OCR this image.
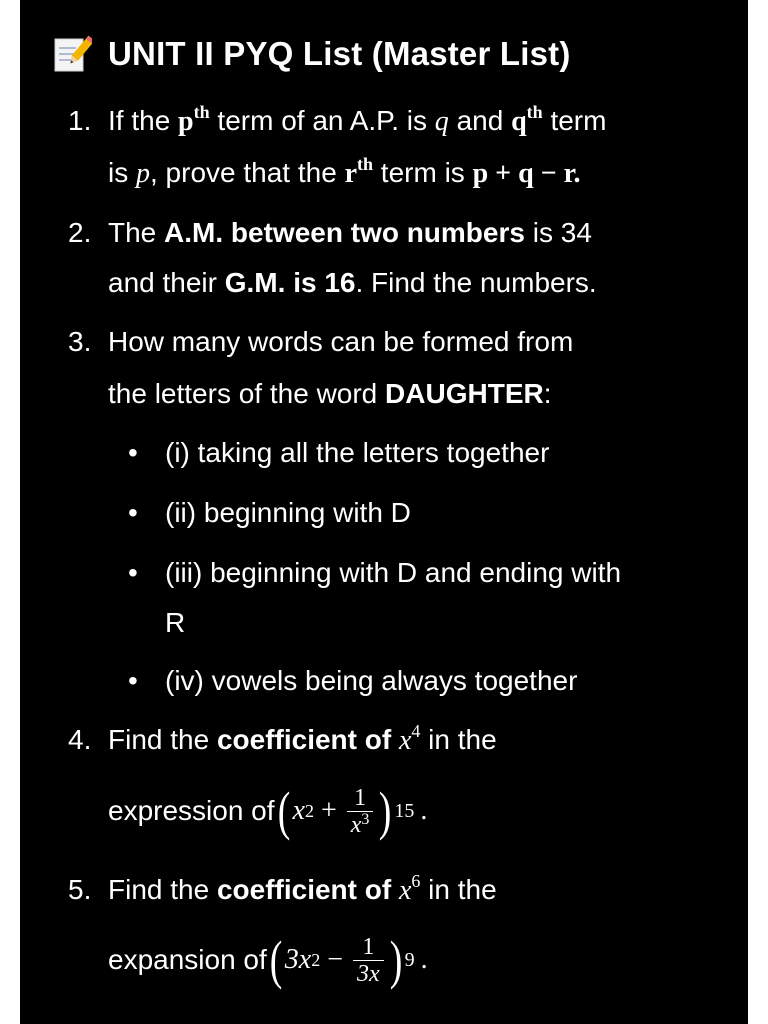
UNIT II PYQ List (Master List)
1. If the $p^{th}$ term of an A.P. is q and $q^{th}$ term
is p, prove that the $r^{th}$ term is p + q − r.
2. The A.M. between two numbers is 34
and their G.M. is 16. Find the numbers.
3. How many words can be formed from
the letters of the word DAUGHTER:
• (i) taking all the letters together
• (ii) beginning with D
• (iii) beginning with D and ending with
R
• (iv) vowels being always together
4. Find the coefficient of $x^4$ in the
expression of ( x $2 + \frac{1}{x^3}$ ) 15 .
5. Find the coefficient of $x^6$ in the
expansion of ( 3x $2 - \frac{1}{3x}$ ) 9 .
